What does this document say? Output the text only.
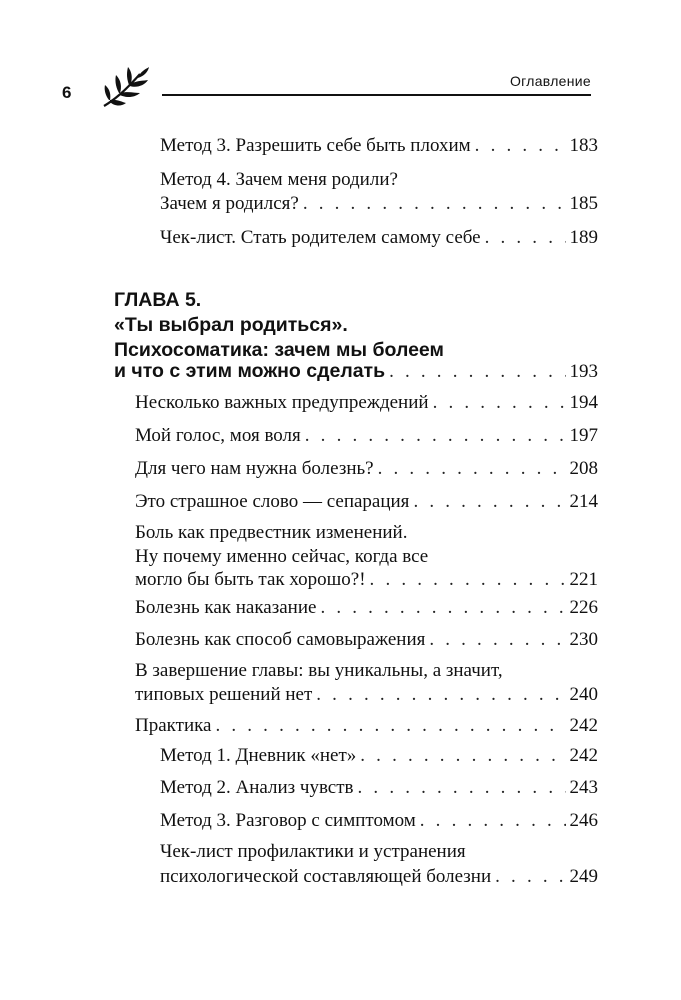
6
Оглавление
Метод 3. Разрешить себе быть плохим . . .	183
Метод 4. Зачем меня родили?
Зачем я родился? . . .	185
Чек-лист. Стать родителем самому себе . . .	189
ГЛАВА 5.
«Ты выбрал родиться».
Психосоматика: зачем мы болеем
и что с этим можно сделать . . .	193
Несколько важных предупреждений . . .	194
Мой голос, моя воля . . .	197
Для чего нам нужна болезнь? . . .	208
Это страшное слово — сепарация . . .	214
Боль как предвестник изменений.
Ну почему именно сейчас, когда все
могло бы быть так хорошо?! . . .	221
Болезнь как наказание . . .	226
Болезнь как способ самовыражения . . .	230
В завершение главы: вы уникальны, а значит,
типовых решений нет . . .	240
Практика . . .	242
Метод 1. Дневник «нет» . . .	242
Метод 2. Анализ чувств . . .	243
Метод 3. Разговор с симптомом . . .	246
Чек-лист профилактики и устранения
психологической составляющей болезни . . .	249
